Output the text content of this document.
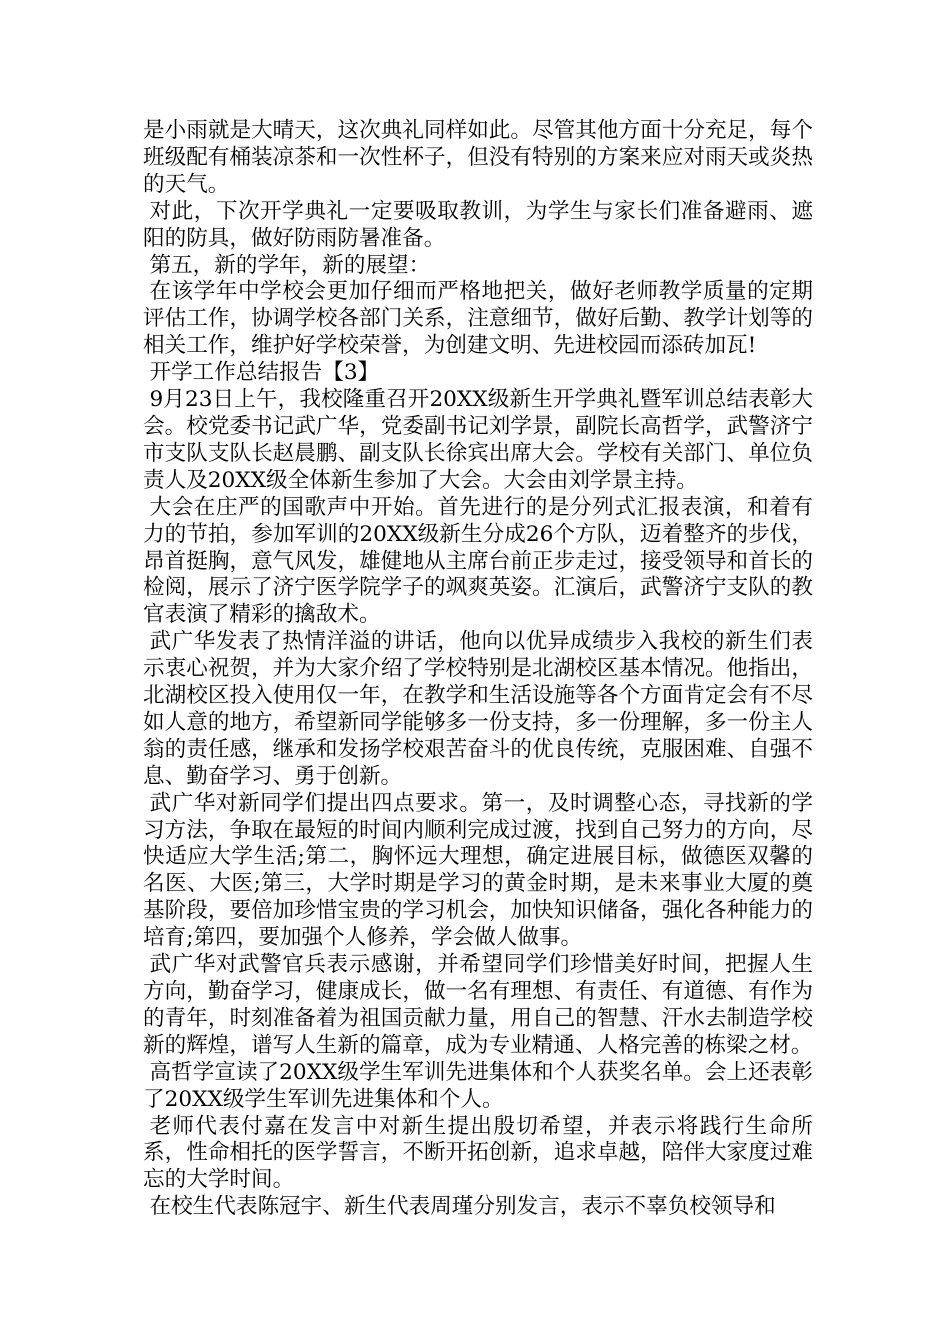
是小雨就是大晴天，这次典礼同样如此。尽管其他方面十分充足，每个班级配有桶装凉茶和一次性杯子，但没有特别的方案来应对雨天或炎热的天气。

对此，下次开学典礼一定要吸取教训，为学生与家长们准备避雨、遮阳的防具，做好防雨防暑准备。

第五，新的学年，新的展望：

在该学年中学校会更加仔细而严格地把关，做好老师教学质量的定期评估工作，协调学校各部门关系，注意细节，做好后勤、教学计划等的相关工作，维护好学校荣誉，为创建文明、先进校园而添砖加瓦!

开学工作总结报告【3】

9月23日上午，我校隆重召开20XX级新生开学典礼暨军训总结表彰大会。校党委书记武广华，党委副书记刘学景，副院长高哲学，武警济宁市支队支队长赵晨鹏、副支队长徐宾出席大会。学校有关部门、单位负责人及20XX级全体新生参加了大会。大会由刘学景主持。

大会在庄严的国歌声中开始。首先进行的是分列式汇报表演，和着有力的节拍，参加军训的20XX级新生分成26个方队，迈着整齐的步伐，昂首挺胸，意气风发，雄健地从主席台前正步走过，接受领导和首长的检阅，展示了济宁医学院学子的飒爽英姿。汇演后，武警济宁支队的教官表演了精彩的擒敌术。

武广华发表了热情洋溢的讲话，他向以优异成绩步入我校的新生们表示衷心祝贺，并为大家介绍了学校特别是北湖校区基本情况。他指出，北湖校区投入使用仅一年，在教学和生活设施等各个方面肯定会有不尽如人意的地方，希望新同学能够多一份支持，多一份理解，多一份主人翁的责任感，继承和发扬学校艰苦奋斗的优良传统，克服困难、自强不息、勤奋学习、勇于创新。

武广华对新同学们提出四点要求。第一，及时调整心态，寻找新的学习方法，争取在最短的时间内顺利完成过渡，找到自己努力的方向，尽快适应大学生活;第二，胸怀远大理想，确定进展目标，做德医双馨的名医、大医;第三，大学时期是学习的黄金时期，是未来事业大厦的奠基阶段，要倍加珍惜宝贵的学习机会，加快知识储备，强化各种能力的培育;第四，要加强个人修养，学会做人做事。

武广华对武警官兵表示感谢，并希望同学们珍惜美好时间，把握人生方向，勤奋学习，健康成长，做一名有理想、有责任、有道德、有作为的青年，时刻准备着为祖国贡献力量，用自己的智慧、汗水去制造学校新的辉煌，谱写人生新的篇章，成为专业精通、人格完善的栋梁之材。

高哲学宣读了20XX级学生军训先进集体和个人获奖名单。会上还表彰了20XX级学生军训先进集体和个人。

老师代表付嘉在发言中对新生提出殷切希望，并表示将践行生命所系，性命相托的医学誓言，不断开拓创新，追求卓越，陪伴大家度过难忘的大学时间。

在校生代表陈冠宇、新生代表周瑾分别发言，表示不辜负校领导和
